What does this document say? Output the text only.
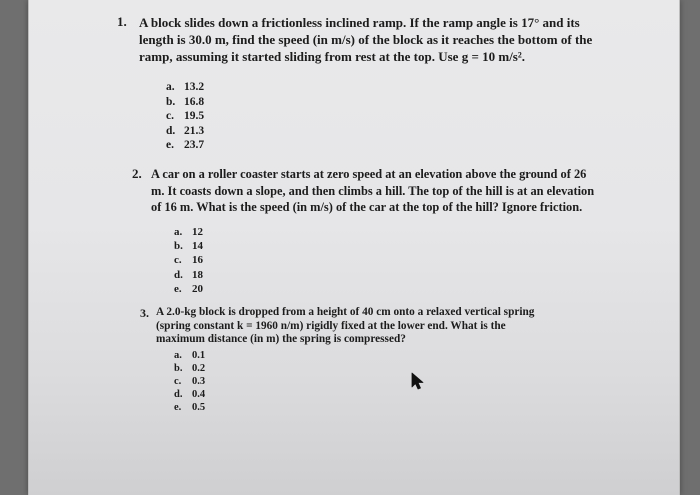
1. A block slides down a frictionless inclined ramp. If the ramp angle is 17° and its
length is 30.0 m, find the speed (in m/s) of the block as it reaches the bottom of the
ramp, assuming it started sliding from rest at the top. Use g = 10 m/s².
a. 13.2
b. 16.8
c. 19.5
d. 21.3
e. 23.7
2. A car on a roller coaster starts at zero speed at an elevation above the ground of 26
m. It coasts down a slope, and then climbs a hill. The top of the hill is at an elevation
of 16 m. What is the speed (in m/s) of the car at the top of the hill? Ignore friction.
a. 12
b. 14
c. 16
d. 18
e. 20
3. A 2.0-kg block is dropped from a height of 40 cm onto a relaxed vertical spring
(spring constant k = 1960 n/m) rigidly fixed at the lower end. What is the
maximum distance (in m) the spring is compressed?
a. 0.1
b. 0.2
c.	0.3
d. 0.4
e.	0.5
